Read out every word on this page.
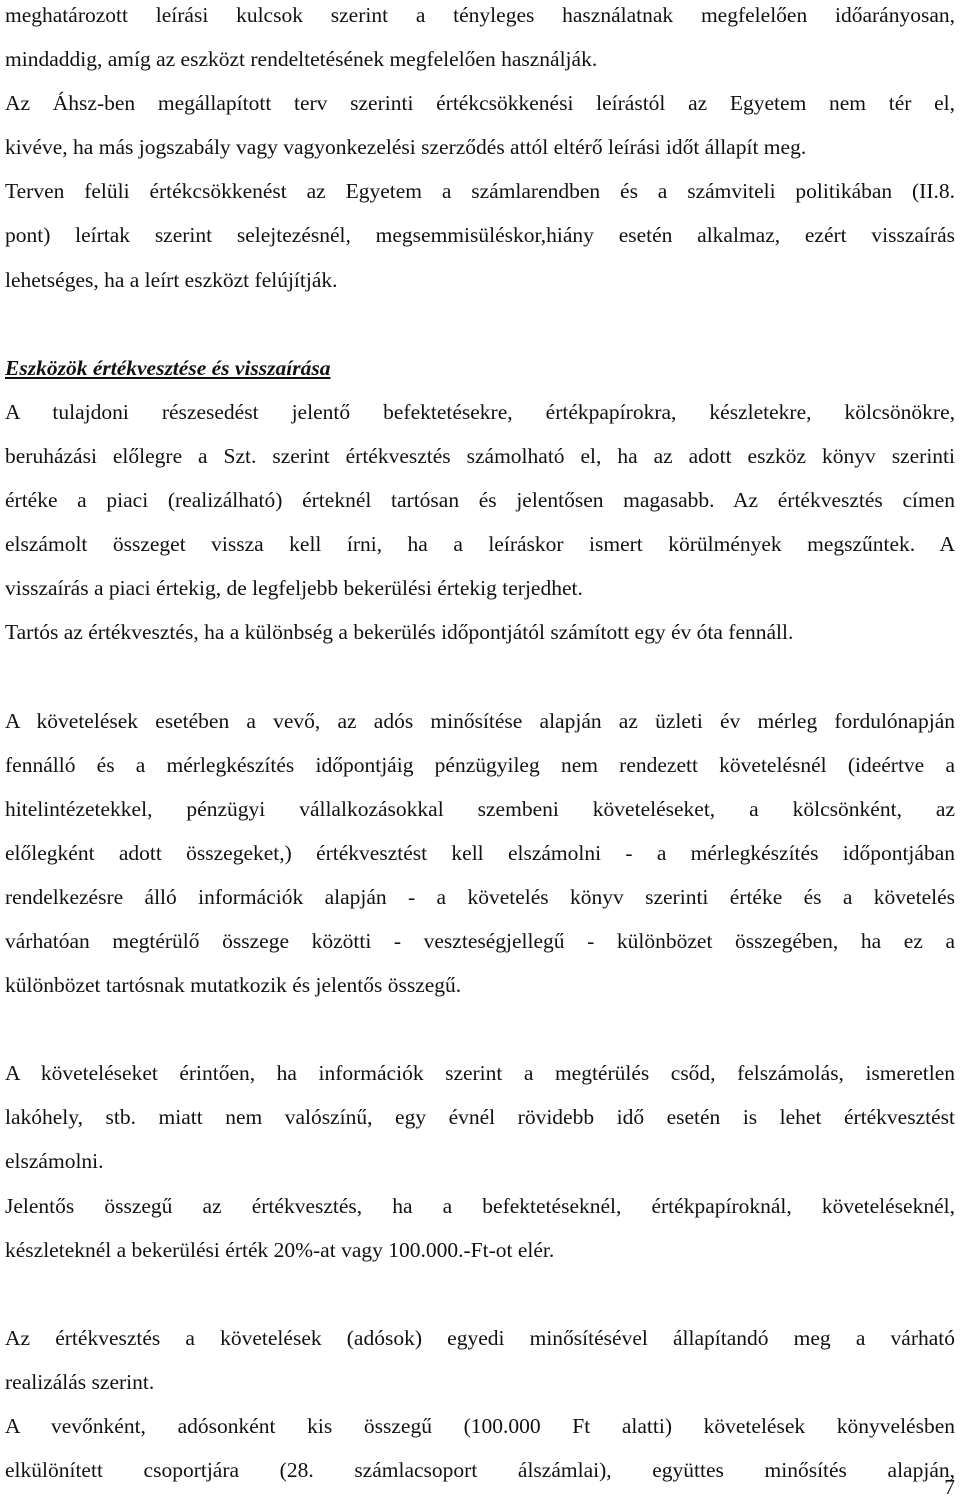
meghatározott leírási kulcsok szerint a tényleges használatnak megfelelően időarányosan,
mindaddig, amíg az eszközt rendeltetésének megfelelően használják.
Az Áhsz-ben megállapított terv szerinti értékcsökkenési leírástól az Egyetem nem tér el,
kivéve, ha más jogszabály vagy vagyonkezelési szerződés attól eltérő leírási időt állapít meg.
Terven felüli értékcsökkenést az Egyetem a számlarendben és a számviteli politikában (II.8.
pont) leírtak szerint selejtezésnél, megsemmisüléskor,hiány esetén alkalmaz, ezért visszaírás
lehetséges, ha a leírt eszközt felújítják.
Eszközök értékvesztése és visszaírása
A tulajdoni részesedést jelentő befektetésekre, értékpapírokra, készletekre, kölcsönökre,
beruházási előlegre a Szt. szerint értékvesztés számolható el, ha az adott eszköz könyv szerinti
értéke a piaci (realizálható) érteknél tartósan és jelentősen magasabb. Az értékvesztés címen
elszámolt összeget vissza kell írni, ha a leíráskor ismert körülmények megszűntek. A
visszaírás a piaci értekig, de legfeljebb bekerülési értekig terjedhet.
Tartós az értékvesztés, ha a különbség a bekerülés időpontjától számított egy év óta fennáll.
A követelések esetében a vevő, az adós minősítése alapján az üzleti év mérleg fordulónapján
fennálló és a mérlegkészítés időpontjáig pénzügyileg nem rendezett követelésnél (ideértve a
hitelintézetekkel, pénzügyi vállalkozásokkal szembeni követeléseket, a kölcsönként, az
előlegként adott összegeket,) értékvesztést kell elszámolni - a mérlegkészítés időpontjában
rendelkezésre álló információk alapján - a követelés könyv szerinti értéke és a követelés
várhatóan megtérülő összege közötti - veszteségjellegű - különbözet összegében, ha ez a
különbözet tartósnak mutatkozik és jelentős összegű.
A követeléseket érintően, ha információk szerint a megtérülés csőd, felszámolás, ismeretlen
lakóhely, stb. miatt nem valószínű, egy évnél rövidebb idő esetén is lehet értékvesztést
elszámolni.
Jelentős összegű az értékvesztés, ha a befektetéseknél, értékpapíroknál, követeléseknél,
készleteknél a bekerülési érték 20%-at vagy 100.000.-Ft-ot elér.
Az értékvesztés a követelések (adósok) egyedi minősítésével állapítandó meg a várható
realizálás szerint.
A vevőnként, adósonként kis összegű (100.000 Ft alatti) követelések könyvelésben
elkülönített csoportjára (28. számlacsoport álszámlai), együttes minősítés alapján,
7
